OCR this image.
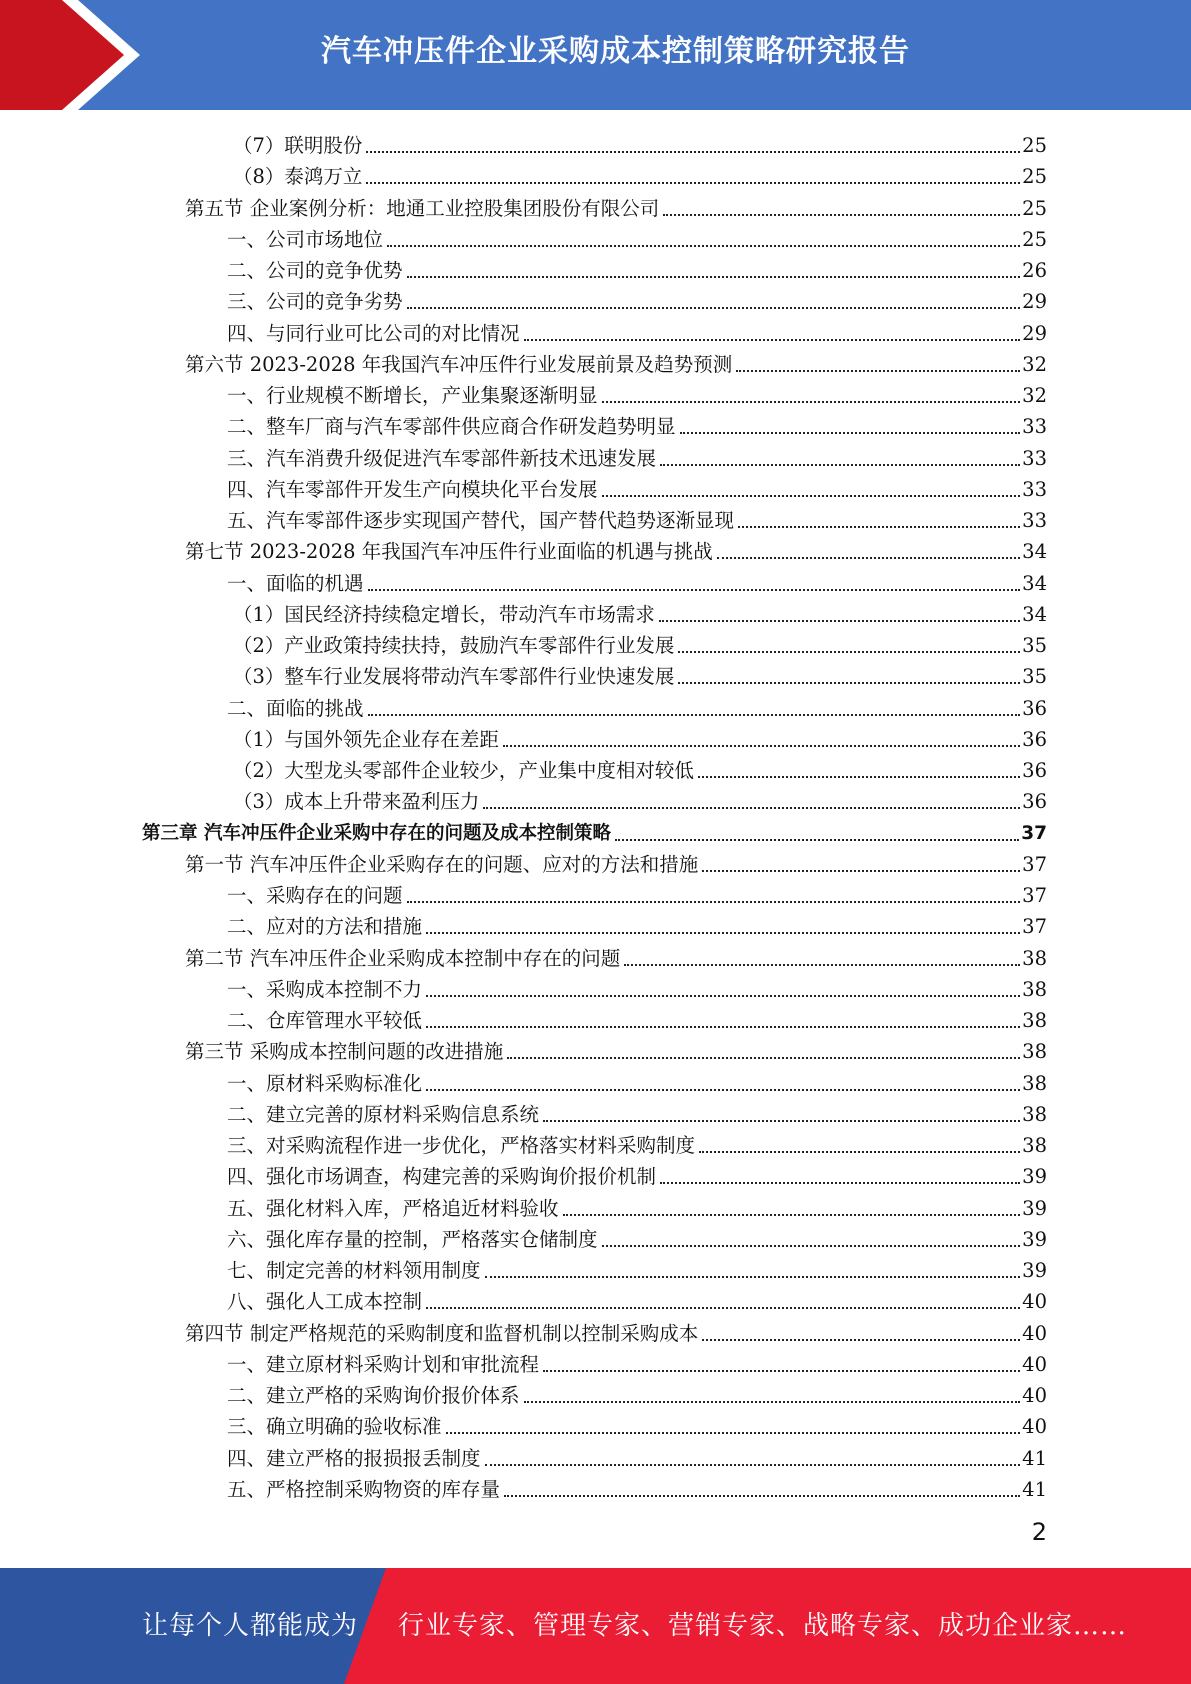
汽车冲压件企业采购成本控制策略研究报告
（7）联明股份	25
（8）泰鸿万立	25
第五节 企业案例分析：地通工业控股集团股份有限公司	25
一、公司市场地位	25
二、公司的竞争优势	26
三、公司的竞争劣势	29
四、与同行业可比公司的对比情况	29
第六节 2023-2028 年我国汽车冲压件行业发展前景及趋势预测	32
一、行业规模不断增长，产业集聚逐渐明显	32
二、整车厂商与汽车零部件供应商合作研发趋势明显	33
三、汽车消费升级促进汽车零部件新技术迅速发展	33
四、汽车零部件开发生产向模块化平台发展	33
五、汽车零部件逐步实现国产替代，国产替代趋势逐渐显现	33
第七节 2023-2028 年我国汽车冲压件行业面临的机遇与挑战	34
一、面临的机遇	34
（1）国民经济持续稳定增长，带动汽车市场需求	34
（2）产业政策持续扶持，鼓励汽车零部件行业发展	35
（3）整车行业发展将带动汽车零部件行业快速发展	35
二、面临的挑战	36
（1）与国外领先企业存在差距	36
（2）大型龙头零部件企业较少，产业集中度相对较低	36
（3）成本上升带来盈利压力	36
第三章 汽车冲压件企业采购中存在的问题及成本控制策略	37
第一节 汽车冲压件企业采购存在的问题、应对的方法和措施	37
一、采购存在的问题	37
二、应对的方法和措施	37
第二节 汽车冲压件企业采购成本控制中存在的问题	38
一、采购成本控制不力	38
二、仓库管理水平较低	38
第三节 采购成本控制问题的改进措施	38
一、原材料采购标准化	38
二、建立完善的原材料采购信息系统	38
三、对采购流程作进一步优化，严格落实材料采购制度	38
四、强化市场调查，构建完善的采购询价报价机制	39
五、强化材料入库，严格追近材料验收	39
六、强化库存量的控制，严格落实仓储制度	39
七、制定完善的材料领用制度	39
八、强化人工成本控制	40
第四节 制定严格规范的采购制度和监督机制以控制采购成本	40
一、建立原材料采购计划和审批流程	40
二、建立严格的采购询价报价体系	40
三、确立明确的验收标准	40
四、建立严格的报损报丢制度	41
五、严格控制采购物资的库存量	41
2
让每个人都能成为 行业专家、管理专家、营销专家、战略专家、成功企业家……
